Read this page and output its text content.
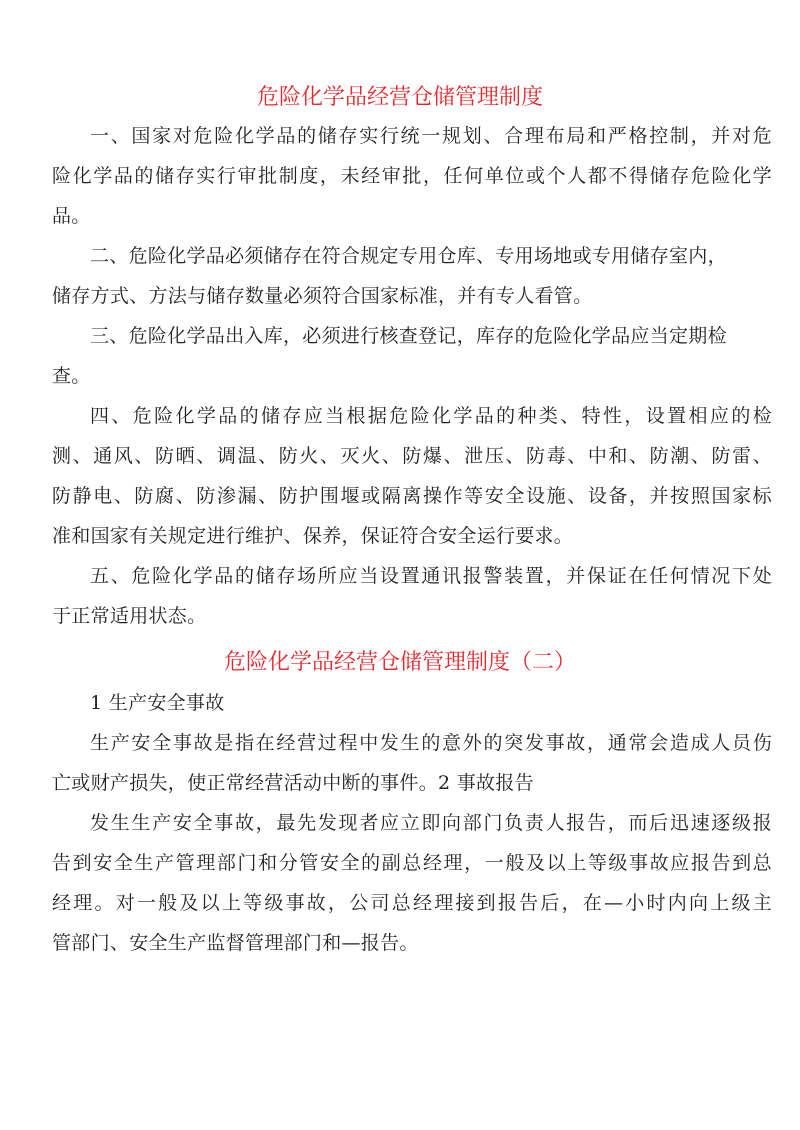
危险化学品经营仓储管理制度
一、国家对危险化学品的储存实行统一规划、合理布局和严格控制，并对危
险化学品的储存实行审批制度，未经审批，任何单位或个人都不得储存危险化学
品。
二、危险化学品必须储存在符合规定专用仓库、专用场地或专用储存室内，
储存方式、方法与储存数量必须符合国家标准，并有专人看管。
三、危险化学品出入库，必须进行核查登记，库存的危险化学品应当定期检
查。
四、危险化学品的储存应当根据危险化学品的种类、特性，设置相应的检
测、通风、防晒、调温、防火、灭火、防爆、泄压、防毒、中和、防潮、防雷、
防静电、防腐、防渗漏、防护围堰或隔离操作等安全设施、设备，并按照国家标
准和国家有关规定进行维护、保养，保证符合安全运行要求。
五、危险化学品的储存场所应当设置通讯报警装置，并保证在任何情况下处
于正常适用状态。
危险化学品经营仓储管理制度（二）
1 生产安全事故
生产安全事故是指在经营过程中发生的意外的突发事故，通常会造成人员伤
亡或财产损失，使正常经营活动中断的事件。2 事故报告
发生生产安全事故，最先发现者应立即向部门负责人报告，而后迅速逐级报
告到安全生产管理部门和分管安全的副总经理，一般及以上等级事故应报告到总
经理。对一般及以上等级事故，公司总经理接到报告后，在—小时内向上级主
管部门、安全生产监督管理部门和—报告。
